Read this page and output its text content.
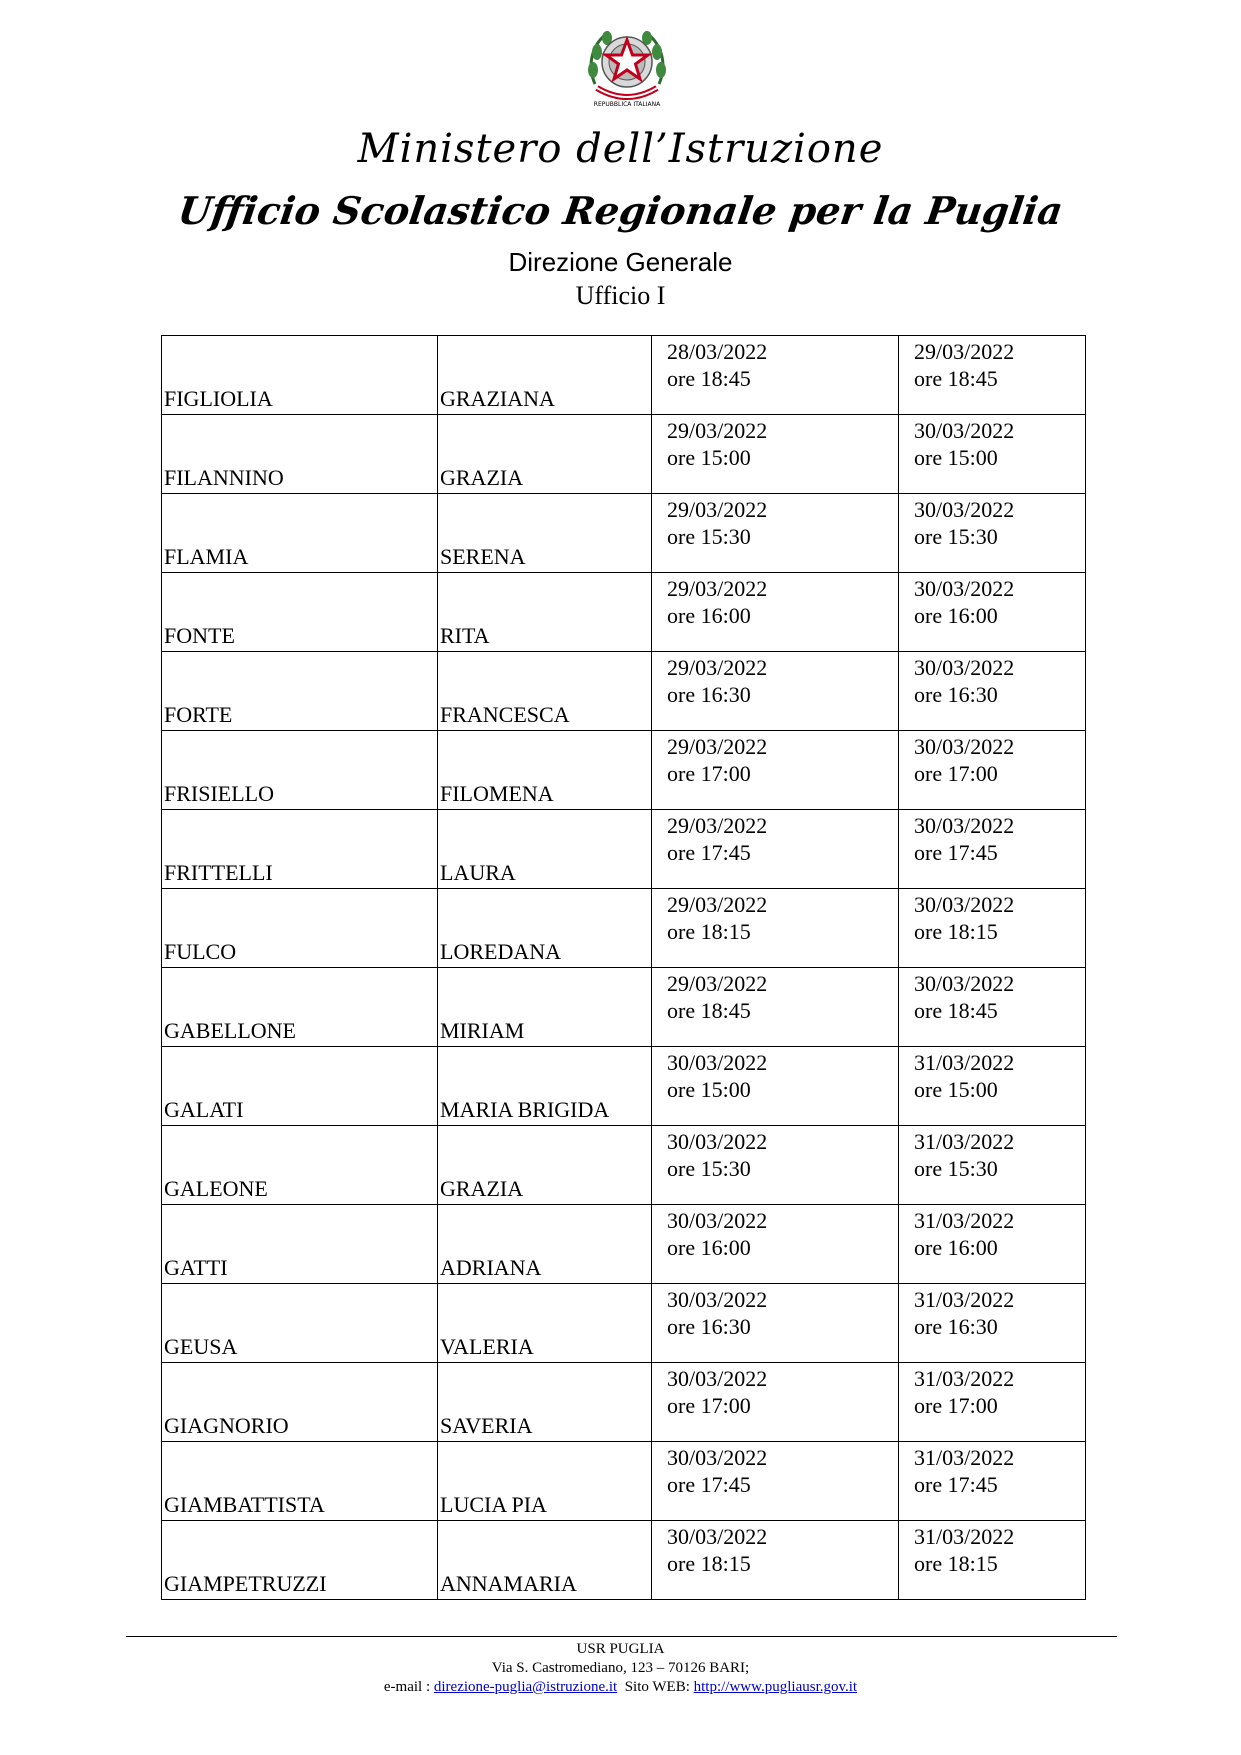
REPUBBLICA ITALIANA
Ministero dell’Istruzione
Ufficio Scolastico Regionale per la Puglia
Direzione Generale
Ufficio I
FIGLIOLIA	GRAZIANA	28/03/2022
ore 18:45	29/03/2022
ore 18:45

FILANNINO	GRAZIA	29/03/2022
ore 15:00	30/03/2022
ore 15:00

FLAMIA	SERENA	29/03/2022
ore 15:30	30/03/2022
ore 15:30

FONTE	RITA	29/03/2022
ore 16:00	30/03/2022
ore 16:00

FORTE	FRANCESCA	29/03/2022
ore 16:30	30/03/2022
ore 16:30

FRISIELLO	FILOMENA	29/03/2022
ore 17:00	30/03/2022
ore 17:00

FRITTELLI	LAURA	29/03/2022
ore 17:45	30/03/2022
ore 17:45

FULCO	LOREDANA	29/03/2022
ore 18:15	30/03/2022
ore 18:15

GABELLONE	MIRIAM	29/03/2022
ore 18:45	30/03/2022
ore 18:45

GALATI	MARIA BRIGIDA	30/03/2022
ore 15:00	31/03/2022
ore 15:00

GALEONE	GRAZIA	30/03/2022
ore 15:30	31/03/2022
ore 15:30

GATTI	ADRIANA	30/03/2022
ore 16:00	31/03/2022
ore 16:00

GEUSA	VALERIA	30/03/2022
ore 16:30	31/03/2022
ore 16:30

GIAGNORIO	SAVERIA	30/03/2022
ore 17:00	31/03/2022
ore 17:00

GIAMBATTISTA	LUCIA PIA	30/03/2022
ore 17:45	31/03/2022
ore 17:45

GIAMPETRUZZI	ANNAMARIA	30/03/2022
ore 18:15	31/03/2022
ore 18:15
USR PUGLIA
Via S. Castromediano, 123 – 70126 BARI;
e-mail : direzione-puglia@istruzione.it Sito WEB: http://www.pugliausr.gov.it
